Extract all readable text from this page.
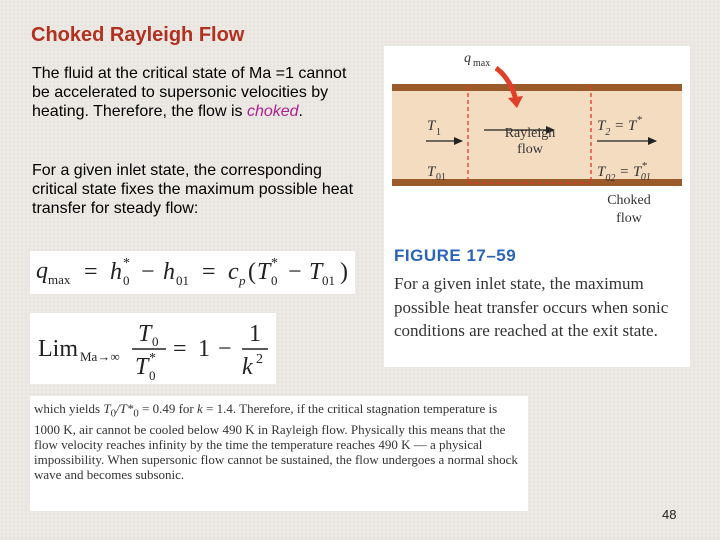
Choked Rayleigh Flow

The fluid at the critical state of Ma =1 cannot be accelerated to supersonic velocities by heating. Therefore, the flow is choked.

For a given inlet state, the corresponding critical state fixes the maximum possible heat transfer for steady flow:

q max = h *
0 − h 01 = c p ( T *
0 − T 01 )
Lim Ma→∞
T 0
T *
0
= 1 −
1
k 2
which yields $T_0/T*_0 = 0.49$ for k = 1.4. Therefore, if the critical stagnation temperature is 1000 K, air cannot be cooled below 490 K in Rayleigh flow. Physically this means that the flow velocity reaches infinity by the time the temperature reaches 490 K — a physical impossibility. When supersonic flow cannot be sustained, the flow undergoes a normal shock wave and becomes subsonic.
q max
T 1
T 01
Rayleigh
flow
$T_2 = T^*$
$T_{02} = T^*$ 01
Choked
flow
FIGURE 17–59

For a given inlet state, the maximum possible heat transfer occurs when sonic conditions are reached at the exit state.

48
